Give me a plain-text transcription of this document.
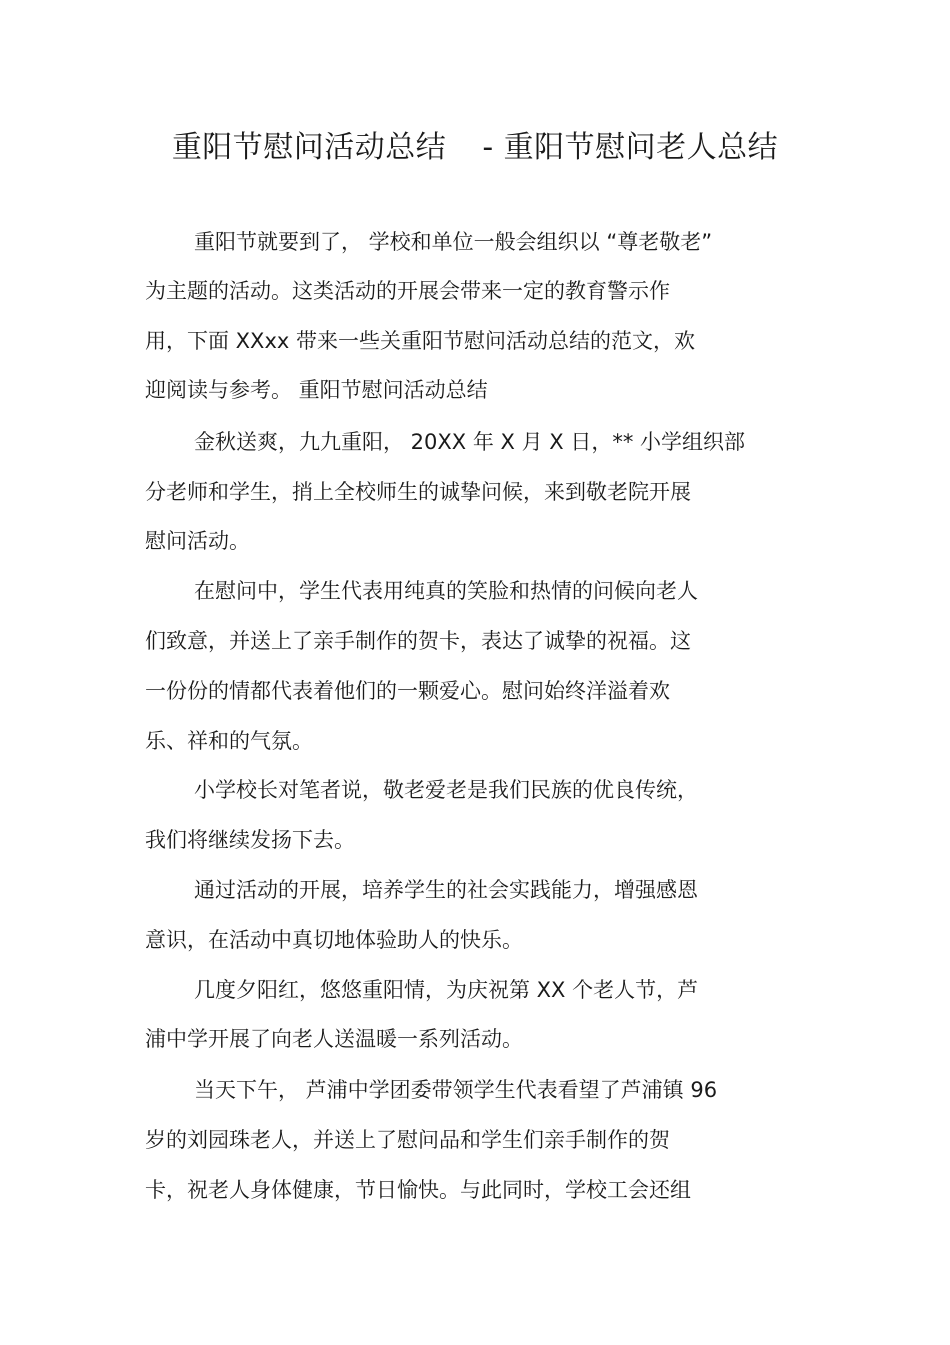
重阳节慰问活动总结 - 重阳节慰问老人总结
重阳节就要到了， 学校和单位一般会组织以 “尊老敬老”
为主题的活动。这类活动的开展会带来一定的教育警示作
用，下面 XXxx 带来一些关重阳节慰问活动总结的范文，欢
迎阅读与参考。 重阳节慰问活动总结
金秋送爽，九九重阳， 20XX 年 X 月 X 日，** 小学组织部
分老师和学生，捎上全校师生的诚挚问候，来到敬老院开展
慰问活动。
在慰问中，学生代表用纯真的笑脸和热情的问候向老人
们致意，并送上了亲手制作的贺卡，表达了诚挚的祝福。这
一份份的情都代表着他们的一颗爱心。慰问始终洋溢着欢
乐、祥和的气氛。
小学校长对笔者说，敬老爱老是我们民族的优良传统，
我们将继续发扬下去。
通过活动的开展，培养学生的社会实践能力，增强感恩
意识，在活动中真切地体验助人的快乐。
几度夕阳红，悠悠重阳情，为庆祝第 XX 个老人节，芦
浦中学开展了向老人送温暖一系列活动。
当天下午， 芦浦中学团委带领学生代表看望了芦浦镇 96
岁的刘园珠老人，并送上了慰问品和学生们亲手制作的贺
卡，祝老人身体健康，节日愉快。与此同时，学校工会还组
